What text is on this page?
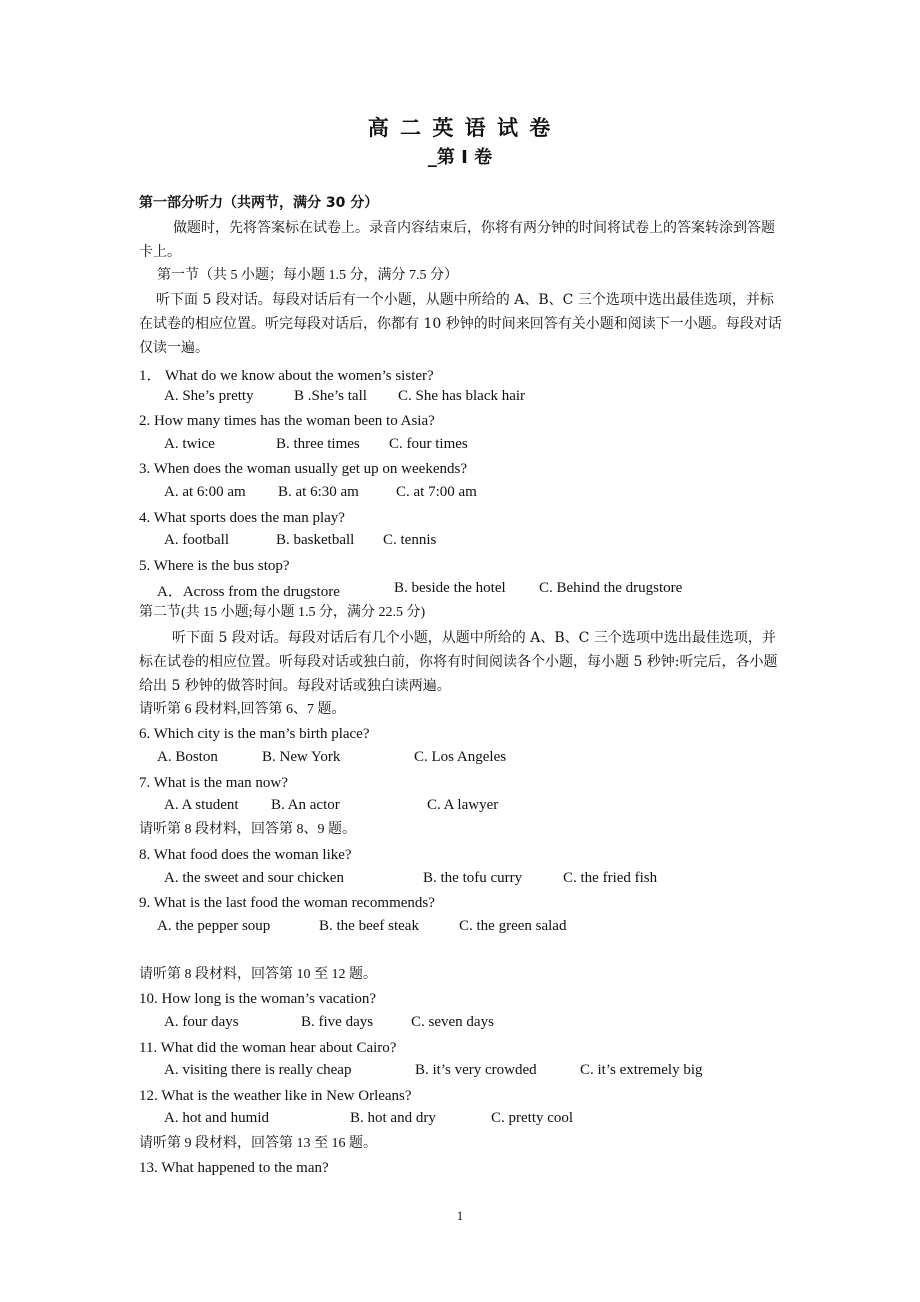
高 二 英 语 试 卷
_第 I 卷
第一部分听力（共两节，满分 30 分）
做题时，先将答案标在试卷上。录音内容结束后，你将有两分钟的时间将试卷上的答案转涂到答题卡上。
第一节（共 5 小题；每小题 1.5 分，满分 7.5 分）
听下面 5 段对话。每段对话后有一个小题，从题中所给的 A、B、C 三个选项中选出最佳选项，并标在试卷的相应位置。听完每段对话后，你都有 10 秒钟的时间来回答有关小题和阅读下一小题。每段对话仅读一遍。
1． What do we know about the women’s sister?
A. She’s pretty	B .She’s tall C. She has black hair
2. How many times has the woman been to Asia?
A. twice	B. three times C. four times
3. When does the woman usually get up on weekends?
A. at 6:00 am B. at 6:30 am C. at 7:00 am
4. What sports does the man play?
A. football	B. basketball C. tennis
5. Where is the bus stop?
A．Across from the drugstore	B. beside the hotel C. Behind the drugstore
第二节(共 15 小题;每小题 1.5 分，满分 22.5 分)
听下面 5 段对话。每段对话后有几个小题，从题中所给的 A、B、C 三个选项中选出最佳选项，并标在试卷的相应位置。听每段对话或独白前，你将有时间阅读各个小题，每小题 5 秒钟:听完后，各小题给出 5 秒钟的做答时间。每段对话或独白读两遍。
请听第 6 段材料,回答第 6、7 题。
6. Which city is the man’s birth place?
A. Boston	B. New York	C. Los Angeles
7. What is the man now?
A. A student B. An actor	C. A lawyer
请听第 8 段材料，回答第 8、9 题。
8. What food does the woman like?
A. the sweet and sour chicken	B. the tofu curry	C. the fried fish
9. What is the last food the woman recommends?
A. the pepper soup	B. the beef steak	C. the green salad
请听第 8 段材料，回答第 10 至 12 题。
10. How long is the woman’s vacation?
A. four days	B. five days	C. seven days
11. What did the woman hear about Cairo?
A. visiting there is really cheap	B. it’s very crowded	C. it’s extremely big
12. What is the weather like in New Orleans?
A. hot and humid	B. hot and dry	C. pretty cool
请听第 9 段材料，回答第 13 至 16 题。
13. What happened to the man?
1
